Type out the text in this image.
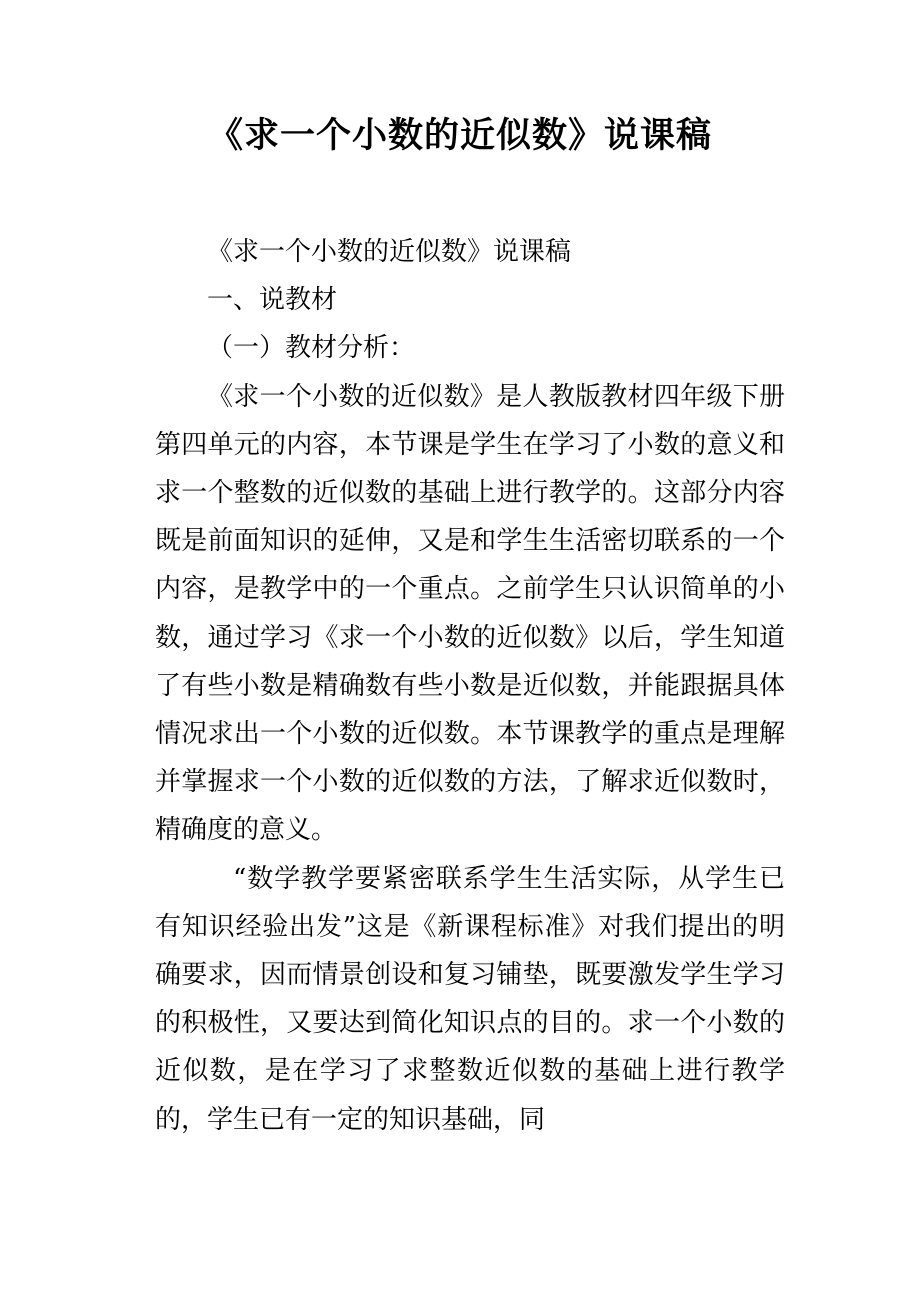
《求一个小数的近似数》说课稿

《求一个小数的近似数》说课稿

一、说教材

（一）教材分析：

《求一个小数的近似数》是人教版教材四年级下册第四单元的内容，本节课是学生在学习了小数的意义和求一个整数的近似数的基础上进行教学的。这部分内容既是前面知识的延伸，又是和学生生活密切联系的一个内容，是教学中的一个重点。之前学生只认识简单的小数，通过学习《求一个小数的近似数》以后，学生知道了有些小数是精确数有些小数是近似数，并能跟据具体情况求出一个小数的近似数。本节课教学的重点是理解并掌握求一个小数的近似数的方法，了解求近似数时，精确度的意义。

“数学教学要紧密联系学生生活实际，从学生已有知识经验出发”这是《新课程标准》对我们提出的明确要求，因而情景创设和复习铺垫，既要激发学生学习的积极性，又要达到简化知识点的目的。求一个小数的近似数，是在学习了求整数近似数的基础上进行教学的，学生已有一定的知识基础，同
